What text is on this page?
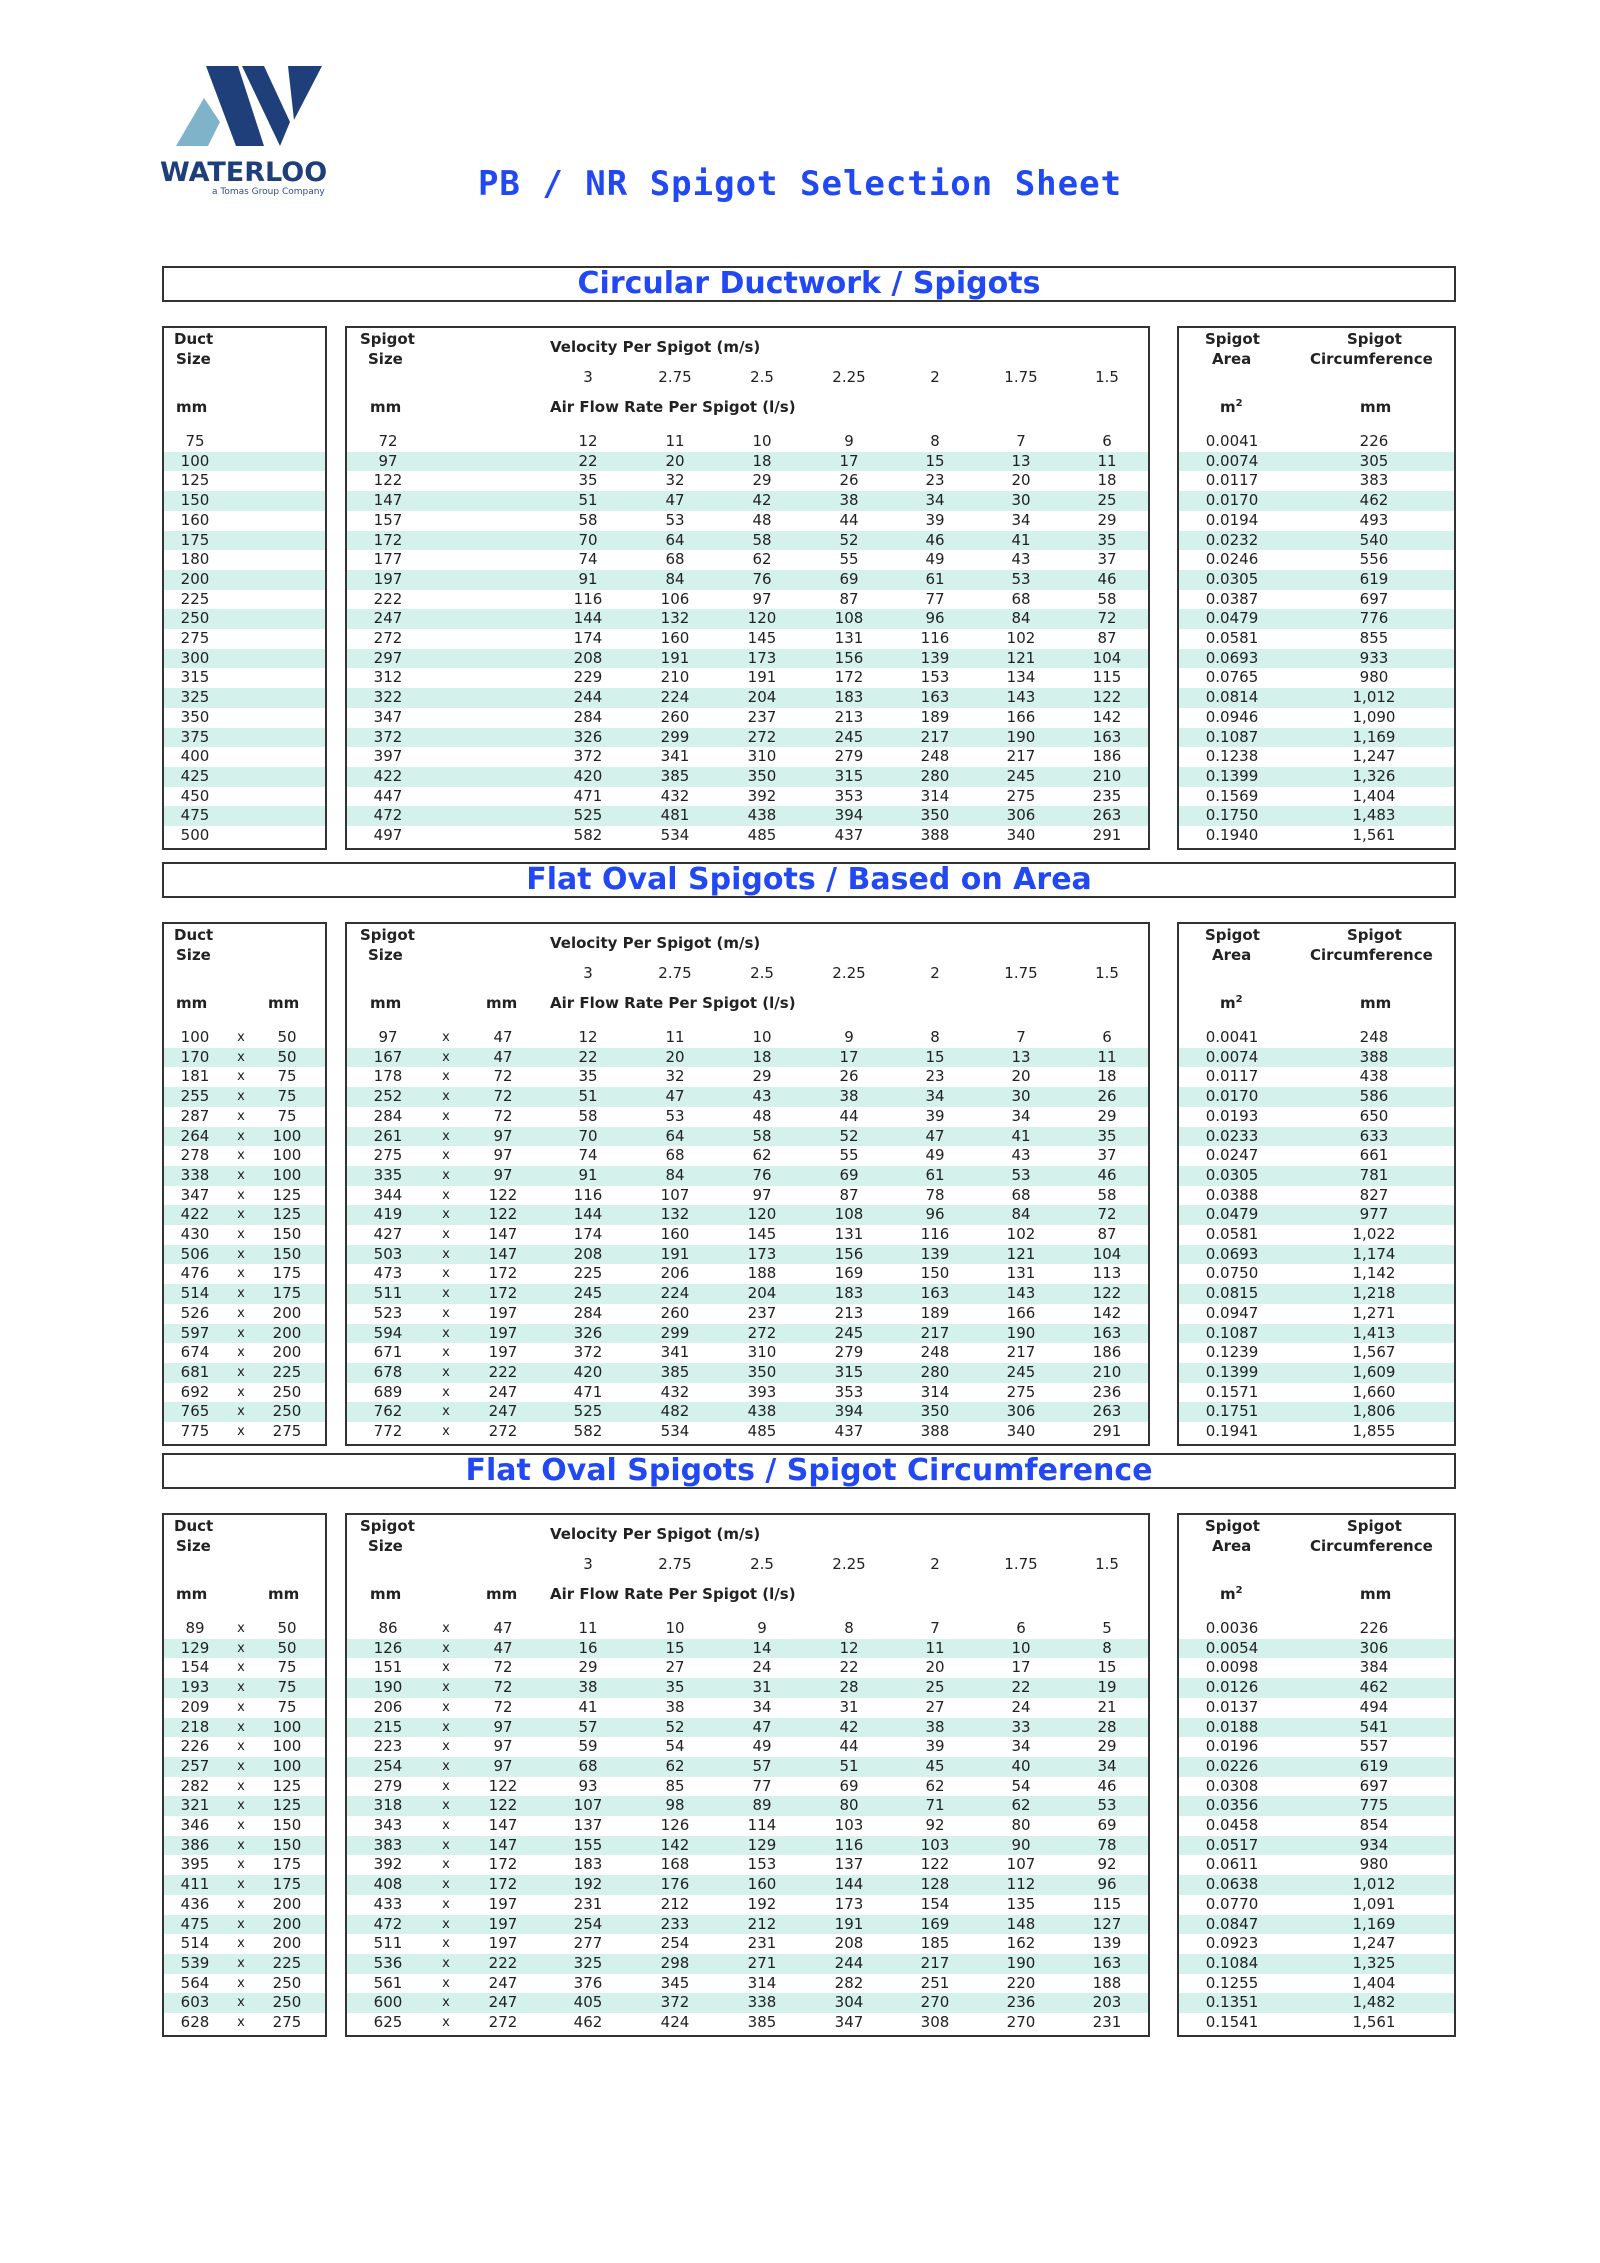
WATERLOO
a Tomas Group Company	PB / NR Spigot Selection Sheet
Circular Ductwork / Spigots
Duct
Size
Spigot
Size
Velocity Per Spigot (m/s)
Air Flow Rate Per Spigot (l/s)
Spigot
Area
Spigot
Circumference
3	2.75	2.5	2.25	2	1.75	1.5
mm	mm	$m^2$	mm
75	72	12	11	10	9	8	7	6	0.0041	226
100	97	22	20	18	17	15	13	11	0.0074	305
125	122	35	32	29	26	23	20	18	0.0117	383
150	147	51	47	42	38	34	30	25	0.0170	462
160	157	58	53	48	44	39	34	29	0.0194	493
175	172	70	64	58	52	46	41	35	0.0232	540
180	177	74	68	62	55	49	43	37	0.0246	556
200	197	91	84	76	69	61	53	46	0.0305	619
225	222	116	106	97	87	77	68	58	0.0387	697
250	247	144	132	120	108	96	84	72	0.0479	776
275	272	174	160	145	131	116	102	87	0.0581	855
300	297	208	191	173	156	139	121	104	0.0693	933
315	312	229	210	191	172	153	134	115	0.0765	980
325	322	244	224	204	183	163	143	122	0.0814	1,012
350	347	284	260	237	213	189	166	142	0.0946	1,090
375	372	326	299	272	245	217	190	163	0.1087	1,169
400	397	372	341	310	279	248	217	186	0.1238	1,247
425	422	420	385	350	315	280	245	210	0.1399	1,326
450	447	471	432	392	353	314	275	235	0.1569	1,404
475	472	525	481	438	394	350	306	263	0.1750	1,483
500	497	582	534	485	437	388	340	291	0.1940	1,561
Flat Oval Spigots / Based on Area
Duct
Size
Spigot
Size
Velocity Per Spigot (m/s)
Air Flow Rate Per Spigot (l/s)
Spigot
Area
Spigot
Circumference
3	2.75	2.5	2.25	2	1.75	1.5
mm	mm	mm	mm	$m^2$	mm
100	x	50	97	x	47	12	11	10	9	8	7	6	0.0041	248
170	x	50	167	x	47	22	20	18	17	15	13	11	0.0074	388
181	x	75	178	x	72	35	32	29	26	23	20	18	0.0117	438
255	x	75	252	x	72	51	47	43	38	34	30	26	0.0170	586
287	x	75	284	x	72	58	53	48	44	39	34	29	0.0193	650
264	x	100	261	x	97	70	64	58	52	47	41	35	0.0233	633
278	x	100	275	x	97	74	68	62	55	49	43	37	0.0247	661
338	x	100	335	x	97	91	84	76	69	61	53	46	0.0305	781
347	x	125	344	x	122	116	107	97	87	78	68	58	0.0388	827
422	x	125	419	x	122	144	132	120	108	96	84	72	0.0479	977
430	x	150	427	x	147	174	160	145	131	116	102	87	0.0581	1,022
506	x	150	503	x	147	208	191	173	156	139	121	104	0.0693	1,174
476	x	175	473	x	172	225	206	188	169	150	131	113	0.0750	1,142
514	x	175	511	x	172	245	224	204	183	163	143	122	0.0815	1,218
526	x	200	523	x	197	284	260	237	213	189	166	142	0.0947	1,271
597	x	200	594	x	197	326	299	272	245	217	190	163	0.1087	1,413
674	x	200	671	x	197	372	341	310	279	248	217	186	0.1239	1,567
681	x	225	678	x	222	420	385	350	315	280	245	210	0.1399	1,609
692	x	250	689	x	247	471	432	393	353	314	275	236	0.1571	1,660
765	x	250	762	x	247	525	482	438	394	350	306	263	0.1751	1,806
775	x	275	772	x	272	582	534	485	437	388	340	291	0.1941	1,855
Flat Oval Spigots / Spigot Circumference
Duct
Size
Spigot
Size
Velocity Per Spigot (m/s)
Air Flow Rate Per Spigot (l/s)
Spigot
Area
Spigot
Circumference
3	2.75	2.5	2.25	2	1.75	1.5
mm	mm	mm	mm	$m^2$	mm
89	x	50	86	x	47	11	10	9	8	7	6	5	0.0036	226
129	x	50	126	x	47	16	15	14	12	11	10	8	0.0054	306
154	x	75	151	x	72	29	27	24	22	20	17	15	0.0098	384
193	x	75	190	x	72	38	35	31	28	25	22	19	0.0126	462
209	x	75	206	x	72	41	38	34	31	27	24	21	0.0137	494
218	x	100	215	x	97	57	52	47	42	38	33	28	0.0188	541
226	x	100	223	x	97	59	54	49	44	39	34	29	0.0196	557
257	x	100	254	x	97	68	62	57	51	45	40	34	0.0226	619
282	x	125	279	x	122	93	85	77	69	62	54	46	0.0308	697
321	x	125	318	x	122	107	98	89	80	71	62	53	0.0356	775
346	x	150	343	x	147	137	126	114	103	92	80	69	0.0458	854
386	x	150	383	x	147	155	142	129	116	103	90	78	0.0517	934
395	x	175	392	x	172	183	168	153	137	122	107	92	0.0611	980
411	x	175	408	x	172	192	176	160	144	128	112	96	0.0638	1,012
436	x	200	433	x	197	231	212	192	173	154	135	115	0.0770	1,091
475	x	200	472	x	197	254	233	212	191	169	148	127	0.0847	1,169
514	x	200	511	x	197	277	254	231	208	185	162	139	0.0923	1,247
539	x	225	536	x	222	325	298	271	244	217	190	163	0.1084	1,325
564	x	250	561	x	247	376	345	314	282	251	220	188	0.1255	1,404
603	x	250	600	x	247	405	372	338	304	270	236	203	0.1351	1,482
628	x	275	625	x	272	462	424	385	347	308	270	231	0.1541	1,561
